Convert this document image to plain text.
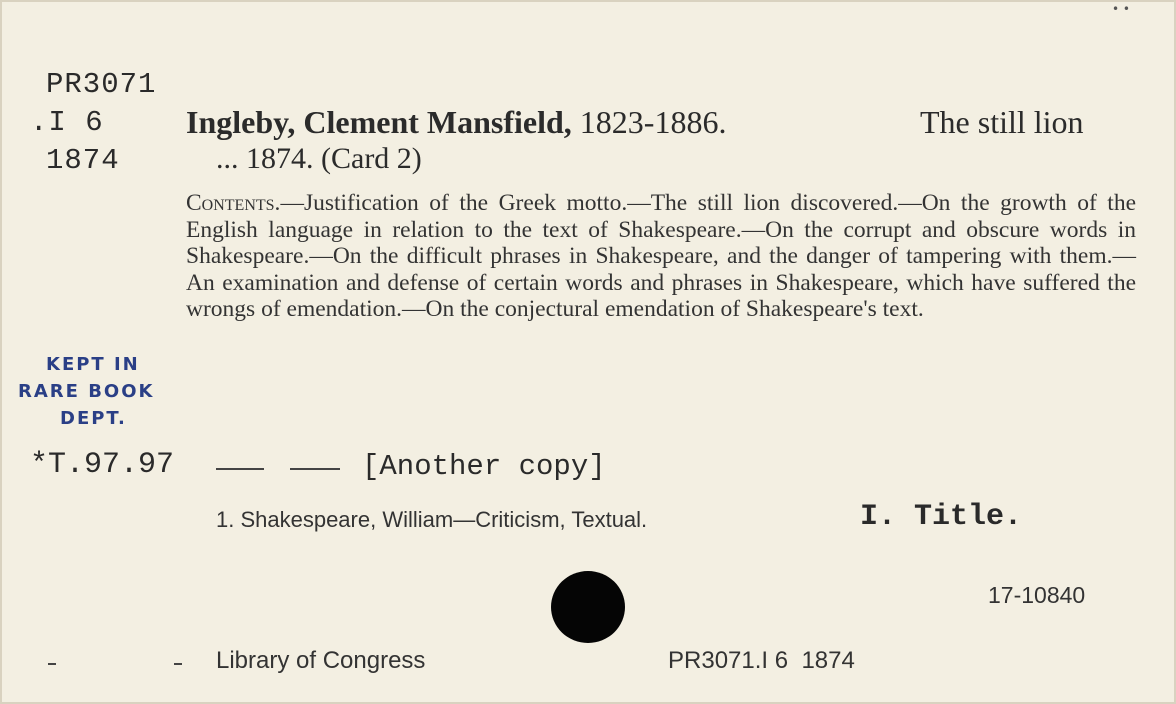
• •
PR3071
.I 6
1874
Ingleby, Clement Mansfield, 1823-1886.	The still lion
... 1874. (Card 2)
Contents.—Justification of the Greek motto.—The still lion discovered.—On the growth of the English language in relation to the text of Shakespeare.—On the corrupt and obscure words in Shakespeare.—On the difficult phrases in Shakespeare, and the danger of tampering with them.—An examination and defense of certain words and phrases in Shakespeare, which have suffered the wrongs of emendation.—On the conjectural emendation of Shakespeare's text.
KEPT IN
RARE BOOK
DEPT.
*T.97.97	[Another copy]
1. Shakespeare, William—Criticism, Textual.	I. Title.
17-10840
Library of Congress	PR3071.I 6 1874
